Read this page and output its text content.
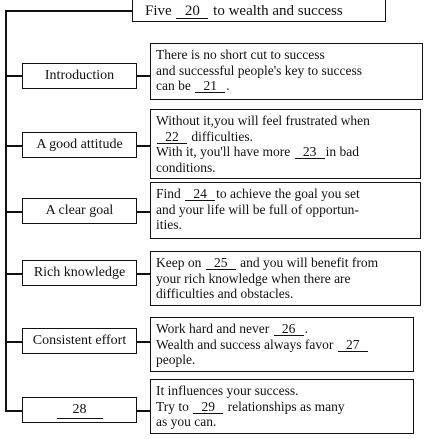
Five 20 to wealth and success
Introduction
A good attitude
A clear goal
Rich knowledge
Consistent effort
28
There is no short cut to success
and successful people's key to success
can be 21 .
Without it,you will feel frustrated when
22 difficulties.
With it, you'll have more 23 in bad
conditions.
Find 24 to achieve the goal you set
and your life will be full of opportun-
ities.
Keep on 25 and you will benefit from
your rich knowledge when there are
difficulties and obstacles.
Work hard and never 26 .
Wealth and success always favor 27
people.
It influences your success.
Try to 29 relationships as many
as you can.
